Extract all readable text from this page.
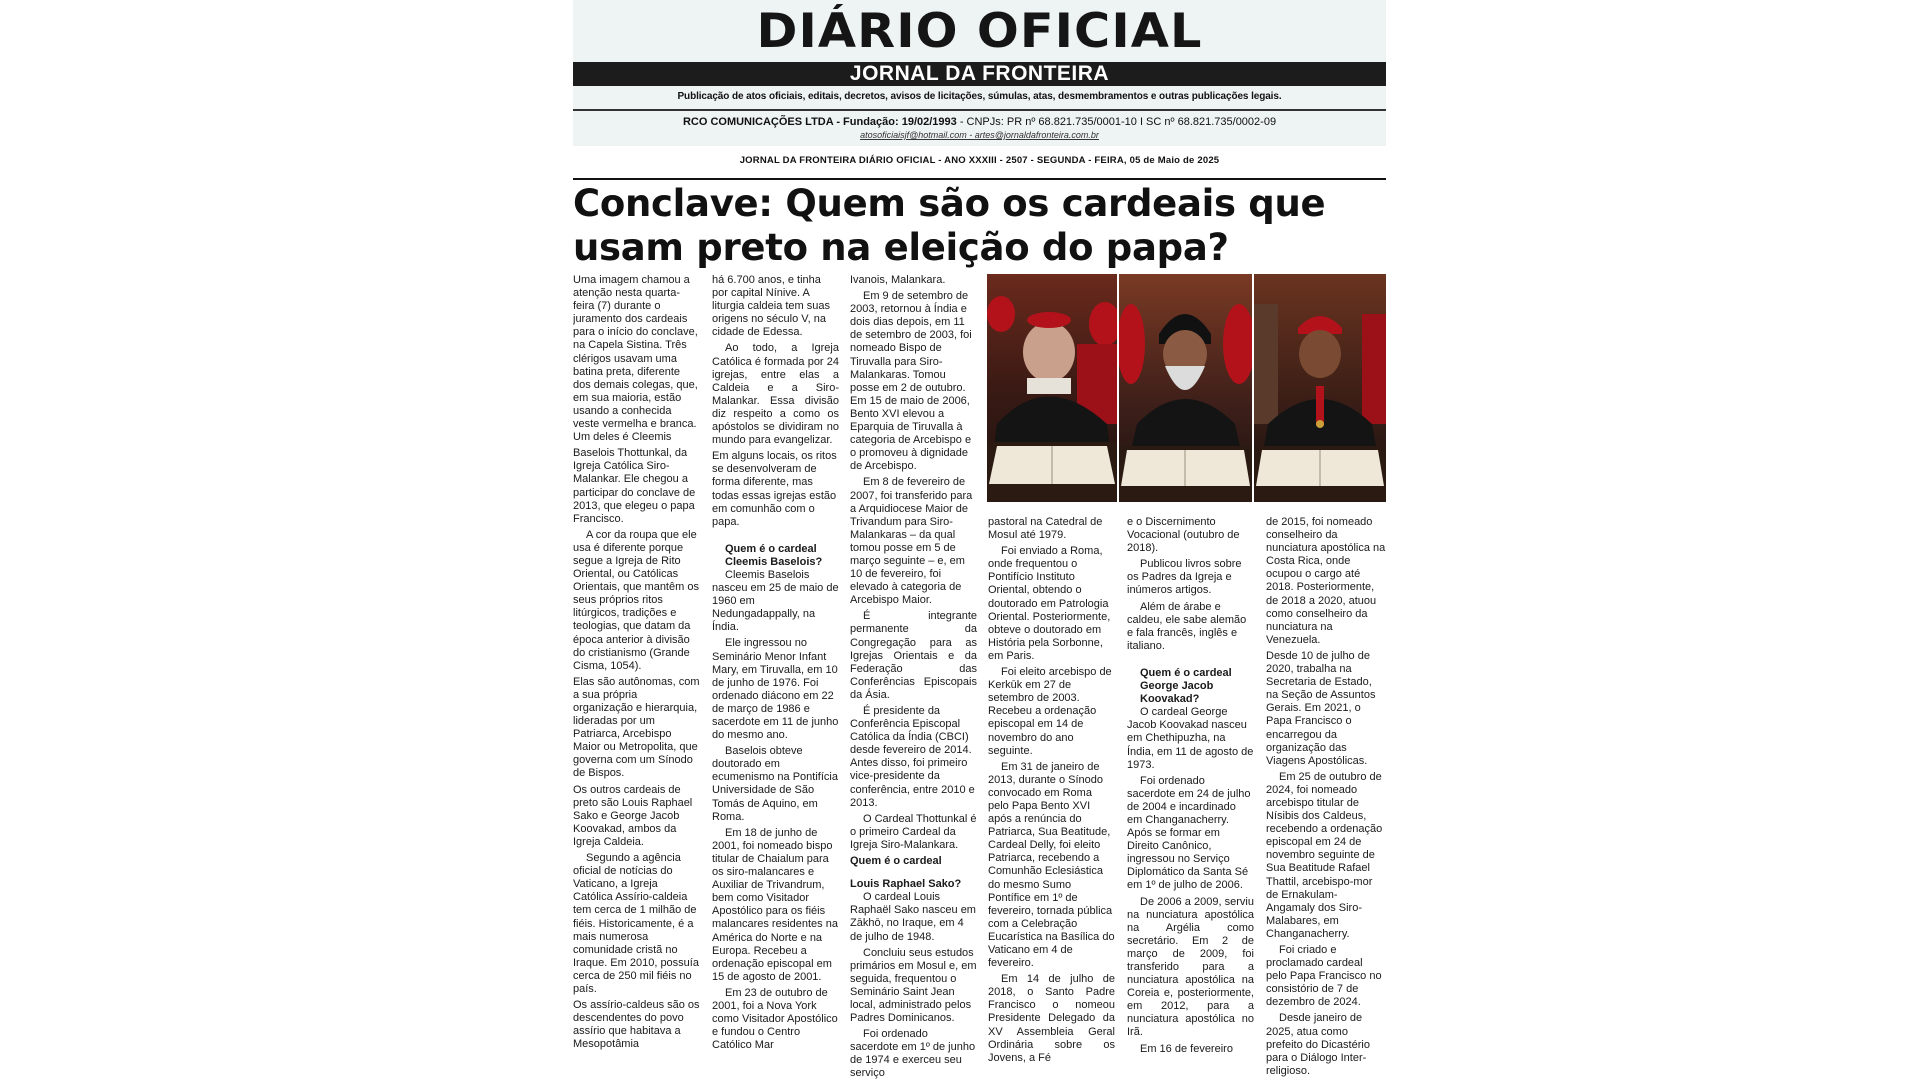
DIÁRIO OFICIAL
JORNAL DA FRONTEIRA
Publicação de atos oficiais, editais, decretos, avisos de licitações, súmulas, atas, desmembramentos e outras publicações legais.
RCO COMUNICAÇÕES LTDA - Fundação: 19/02/1993 - CNPJs: PR nº 68.821.735/0001-10 I SC nº 68.821.735/0002-09
atosoficiaisjf@hotmail.com - artes@jornaldafronteira.com.br
JORNAL DA FRONTEIRA DIÁRIO OFICIAL - ANO XXXIII - 2507 - SEGUNDA - FEIRA, 05 de Maio de 2025
Conclave: Quem são os cardeais que usam preto na eleição do papa?

Uma imagem chamou a atenção nesta quarta-feira (7) durante o juramento dos cardeais para o início do conclave, na Capela Sistina. Três clérigos usavam uma batina preta, diferente dos demais colegas, que, em sua maioria, estão usando a conhecida veste vermelha e branca. Um deles é Cleemis

Baselois Thottunkal, da Igreja Católica Siro-Malankar. Ele chegou a participar do conclave de 2013, que elegeu o papa Francisco.

A cor da roupa que ele usa é diferente porque segue a Igreja de Rito Oriental, ou Católicas Orientais, que mantêm os seus próprios ritos litúrgicos, tradições e teologias, que datam da época anterior à divisão do cristianismo (Grande Cisma, 1054).

Elas são autônomas, com a sua própria organização e hierarquia, lideradas por um Patriarca, Arcebispo Maior ou Metropolita, que governa com um Sínodo de Bispos.

Os outros cardeais de preto são Louis Raphael Sako e George Jacob Koovakad, ambos da Igreja Caldeia.

Segundo a agência oficial de notícias do Vaticano, a Igreja Católica Assírio-caldeia tem cerca de 1 milhão de fiéis. Historicamente, é a mais numerosa comunidade cristã no Iraque. Em 2010, possuía cerca de 250 mil fiéis no país.

Os assírio-caldeus são os descendentes do povo assírio que habitava a Mesopotâmia

há 6.700 anos, e tinha por capital Nínive. A liturgia caldeia tem suas origens no século V, na cidade de Edessa.

Ao todo, a Igreja Católica é formada por 24 igrejas, entre elas a Caldeia e a Siro-Malankar. Essa divisão diz respeito a como os apóstolos se dividiram no mundo para evangelizar.

Em alguns locais, os ritos se desenvolveram de forma diferente, mas todas essas igrejas estão em comunhão com o papa.

Quem é o cardeal Cleemis Baselois?

Cleemis Baselois nasceu em 25 de maio de 1960 em Nedungadappally, na Índia.

Ele ingressou no Seminário Menor Infant Mary, em Tiruvalla, em 10 de junho de 1976. Foi ordenado diácono em 22 de março de 1986 e sacerdote em 11 de junho do mesmo ano.

Baselois obteve doutorado em ecumenismo na Pontifícia Universidade de São Tomás de Aquino, em Roma.

Em 18 de junho de 2001, foi nomeado bispo titular de Chaialum para os siro-malancares e Auxiliar de Trivandrum, bem como Visitador Apostólico para os fiéis malancares residentes na América do Norte e na Europa. Recebeu a ordenação episcopal em 15 de agosto de 2001.

Em 23 de outubro de 2001, foi a Nova York como Visitador Apostólico e fundou o Centro Católico Mar

Ivanois, Malankara.

Em 9 de setembro de 2003, retornou à Índia e dois dias depois, em 11 de setembro de 2003, foi nomeado Bispo de Tiruvalla para Siro-Malankaras. Tomou posse em 2 de outubro. Em 15 de maio de 2006, Bento XVI elevou a Eparquia de Tiruvalla à categoria de Arcebispo e o promoveu à dignidade de Arcebispo.

Em 8 de fevereiro de 2007, foi transferido para a Arquidiocese Maior de Trivandum para Siro-Malankaras – da qual tomou posse em 5 de março seguinte – e, em 10 de fevereiro, foi elevado à categoria de Arcebispo Maior.

É integrante permanente da Congregação para as Igrejas Orientais e da Federação das Conferências Episcopais da Ásia.

É presidente da Conferência Episcopal Católica da Índia (CBCI) desde fevereiro de 2014. Antes disso, foi primeiro vice-presidente da conferência, entre 2010 e 2013.

O Cardeal Thottunkal é o primeiro Cardeal da Igreja Siro-Malankara.

Quem é o cardeal
Louis Raphael Sako?

O cardeal Louis Raphaël Sako nasceu em Zākhō, no Iraque, em 4 de julho de 1948.

Concluiu seus estudos primários em Mosul e, em seguida, frequentou o Seminário Saint Jean local, administrado pelos Padres Dominicanos.

Foi ordenado sacerdote em 1º de junho de 1974 e exerceu seu serviço

pastoral na Catedral de Mosul até 1979.

Foi enviado a Roma, onde frequentou o Pontifício Instituto Oriental, obtendo o doutorado em Patrologia Oriental. Posteriormente, obteve o doutorado em História pela Sorbonne, em Paris.

Foi eleito arcebispo de Kerkūk em 27 de setembro de 2003. Recebeu a ordenação episcopal em 14 de novembro do ano seguinte.

Em 31 de janeiro de 2013, durante o Sínodo convocado em Roma pelo Papa Bento XVI após a renúncia do Patriarca, Sua Beatitude, Cardeal Delly, foi eleito Patriarca, recebendo a Comunhão Eclesiástica do mesmo Sumo Pontífice em 1º de fevereiro, tornada pública com a Celebração Eucarística na Basílica do Vaticano em 4 de fevereiro.

Em 14 de julho de 2018, o Santo Padre Francisco o nomeou Presidente Delegado da XV Assembleia Geral Ordinária sobre os Jovens, a Fé

e o Discernimento Vocacional (outubro de 2018).

Publicou livros sobre os Padres da Igreja e inúmeros artigos.

Além de árabe e caldeu, ele sabe alemão e fala francês, inglês e italiano.

Quem é o cardeal George Jacob Koovakad?

O cardeal George Jacob Koovakad nasceu em Chethipuzha, na Índia, em 11 de agosto de 1973.

Foi ordenado sacerdote em 24 de julho de 2004 e incardinado em Changanacherry. Após se formar em Direito Canônico, ingressou no Serviço Diplomático da Santa Sé em 1º de julho de 2006.

De 2006 a 2009, serviu na nunciatura apostólica na Argélia como secretário. Em 2 de março de 2009, foi transferido para a nunciatura apostólica na Coreia e, posteriormente, em 2012, para a nunciatura apostólica no Irã.

Em 16 de fevereiro

de 2015, foi nomeado conselheiro da nunciatura apostólica na Costa Rica, onde ocupou o cargo até 2018. Posteriormente, de 2018 a 2020, atuou como conselheiro da nunciatura na Venezuela.

Desde 10 de julho de 2020, trabalha na Secretaria de Estado, na Seção de Assuntos Gerais. Em 2021, o Papa Francisco o encarregou da organização das Viagens Apostólicas.

Em 25 de outubro de 2024, foi nomeado arcebispo titular de Nísibis dos Caldeus, recebendo a ordenação episcopal em 24 de novembro seguinte de Sua Beatitude Rafael Thattil, arcebispo-mor de Ernakulam-Angamaly dos Siro-Malabares, em Changanacherry.

Foi criado e proclamado cardeal pelo Papa Francisco no consistório de 7 de dezembro de 2024.

Desde janeiro de 2025, atua como prefeito do Dicastério para o Diálogo Inter-religioso.
